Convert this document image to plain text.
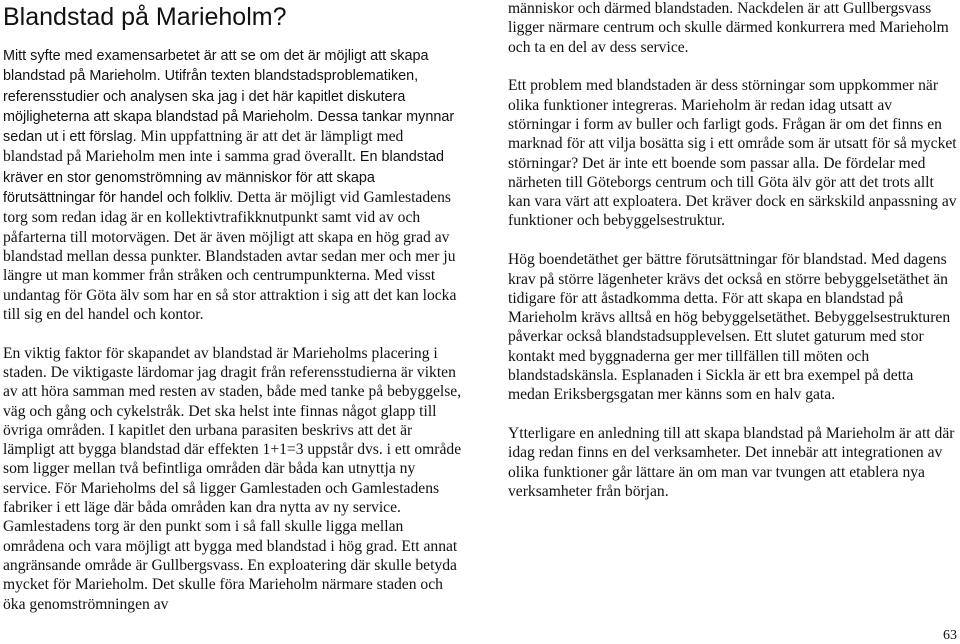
Blandstad på Marieholm?

Mitt syfte med examensarbetet är att se om det är möjligt att skapa blandstad på Marieholm. Utifrån texten blandstadsproblematiken, referensstudier och analysen ska jag i det här kapitlet diskutera möjligheterna att skapa blandstad på Marieholm. Dessa tankar mynnar sedan ut i ett förslag. Min uppfattning är att det är lämpligt med blandstad på Marieholm men inte i samma grad överallt. En blandstad kräver en stor genomströmning av människor för att skapa förutsättningar för handel och folkliv. Detta är möjligt vid Gamlestadens torg som redan idag är en kollektivtrafikknutpunkt samt vid av och påfarterna till motorvägen. Det är även möjligt att skapa en hög grad av blandstad mellan dessa punkter. Blandstaden avtar sedan mer och mer ju längre ut man kommer från stråken och centrumpunkterna. Med visst undantag för Göta älv som har en så stor attraktion i sig att det kan locka till sig en del handel och kontor.

En viktig faktor för skapandet av blandstad är Marieholms placering i staden. De viktigaste lärdomar jag dragit från referensstudierna är vikten av att höra samman med resten av staden, både med tanke på bebyggelse, väg och gång och cykelstråk. Det ska helst inte finnas något glapp till övriga områden. I kapitlet den urbana parasiten beskrivs att det är lämpligt att bygga blandstad där effekten 1+1=3 uppstår dvs. i ett område som ligger mellan två befintliga områden där båda kan utnyttja ny service. För Marieholms del så ligger Gamlestaden och Gamlestadens fabriker i ett läge där båda områden kan dra nytta av ny service. Gamlestadens torg är den punkt som i så fall skulle ligga mellan områdena och vara möjligt att bygga med blandstad i hög grad. Ett annat angränsande område är Gullbergsvass. En exploatering där skulle betyda mycket för Marieholm. Det skulle föra Marieholm närmare staden och öka genomströmningen av

människor och därmed blandstaden. Nackdelen är att Gullbergsvass ligger närmare centrum och skulle därmed konkurrera med Marieholm och ta en del av dess service.

Ett problem med blandstaden är dess störningar som uppkommer när olika funktioner integreras. Marieholm är redan idag utsatt av störningar i form av buller och farligt gods. Frågan är om det finns en marknad för att vilja bosätta sig i ett område som är utsatt för så mycket störningar? Det är inte ett boende som passar alla. De fördelar med närheten till Göteborgs centrum och till Göta älv gör att det trots allt kan vara värt att exploatera. Det kräver dock en särkskild anpassning av funktioner och bebyggelsestruktur.

Hög boendetäthet ger bättre förutsättningar för blandstad. Med dagens krav på större lägenheter krävs det också en större bebyggelsetäthet än tidigare för att åstadkomma detta. För att skapa en blandstad på Marieholm krävs alltså en hög bebyggelsetäthet. Bebyggelsestrukturen påverkar också blandstadsupplevelsen. Ett slutet gaturum med stor kontakt med byggnaderna ger mer tillfällen till möten och blandstadskänsla. Esplanaden i Sickla är ett bra exempel på detta medan Eriksbergsgatan mer känns som en halv gata.

Ytterligare en anledning till att skapa blandstad på Marieholm är att där idag redan finns en del verksamheter. Det innebär att integrationen av olika funktioner går lättare än om man var tvungen att etablera nya verksamheter från början.

63
